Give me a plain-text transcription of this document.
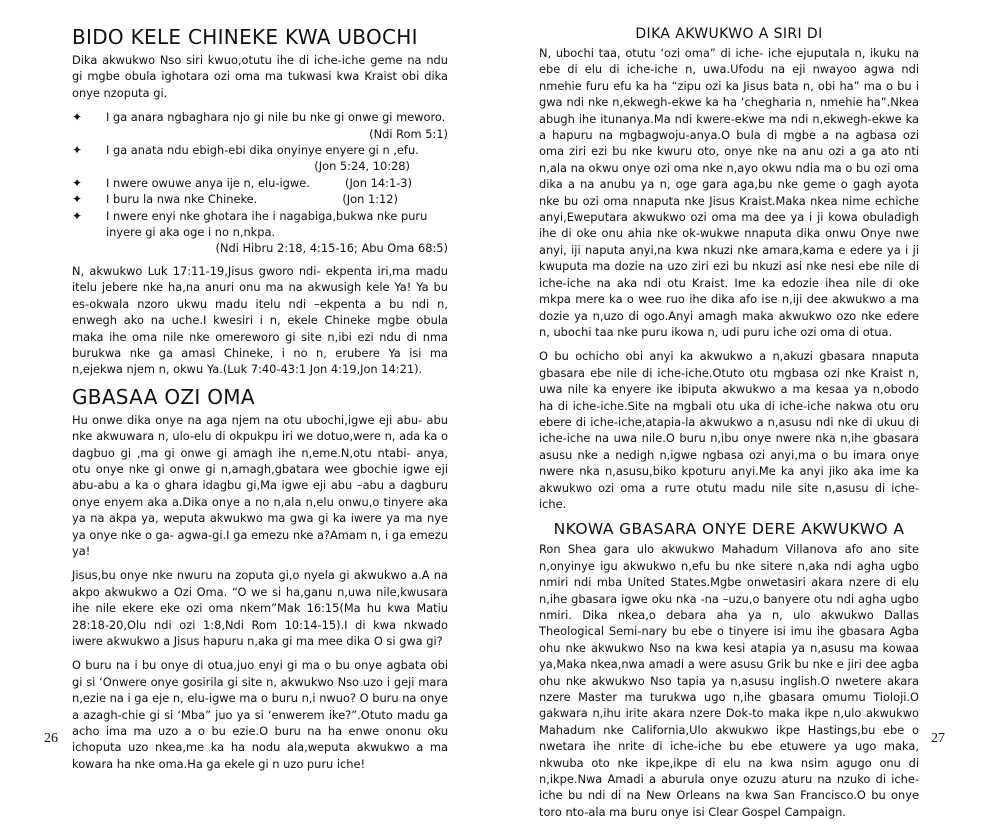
BIDO KELE CHINEKE KWA UBOCHI

Dika akwukwo Nso siri kwuo,otutu ihe di iche-iche geme na ndu gi mgbe obula ighotara ozi oma ma tukwasi kwa Kraist obi dika onye nzoputa gi.

✦ I ga anara ngbaghara njo gi nile bu nke gi onwe gi meworo.
(Ndi Rom 5:1)
✦ I ga anata ndu ebigh-ebi dika onyinye enyere gi n ,efu.
(Jon 5:24, 10:28)
✦ I nwere owuwe anya ije n, elu-igwe.	(Jon 14:1-3)
✦ I buru la nwa nke Chineke.	(Jon 1:12)
✦ I nwere enyi nke ghotara ihe i nagabiga,bukwa nke puru inyere gi aka oge i no n,nkpa.
(Ndi Hibru 2:18, 4:15-16; Abu Oma 68:5)

N, akwukwo Luk 17:11-19,Jisus gworo ndi- ekpenta iri,ma madu itelu jebere nke ha,na anuri onu ma na akwusigh kele Ya! Ya bu es-okwala nzoro ukwu madu itelu ndi –ekpenta a bu ndi n, enwegh ako na uche.I kwesiri i n, ekele Chineke mgbe obula maka ihe oma nile nke omereworo gi site n,ibi ezi ndu di nma burukwa nke ga amasi Chineke, i no n, erubere Ya isi ma n,ejekwa njem n, okwu Ya.(Luk 7:40-43:1 Jon 4:19,Jon 14:21).

GBASAA OZI OMA

Hu onwe dika onye na aga njem na otu ubochi,igwe eji abu- abu nke akwuwara n, ulo-elu di okpukpu iri we dotuo,were n, ada ka o dagbuo gi ,ma gi onwe gi amagh ihe n,eme.N,otu ntabi- anya, otu onye nke gi onwe gi n,amagh,gbatara wee gbochie igwe eji abu-abu a ka o ghara idagbu gi,Ma igwe eji abu –abu a dagburu onye enyem aka a.Dika onye a no n,ala n,elu onwu,o tinyere aka ya na akpa ya, weputa akwukwo ma gwa gi ka iwere ya ma nye ya onye nke o ga- agwa-gi.I ga emezu nke a?Amam n, i ga emezu ya!

Jisus,bu onye nke nwuru na zoputa gi,o nyela gi akwukwo a.A na akpo akwukwo a Ozi Oma. “O we si ha,ganu n,uwa nile,kwusara ihe nile ekere eke ozi oma nkem”Mak 16:15(Ma hu kwa Matiu 28:18-20,Olu ndi ozi 1:8,Ndi Rom 10:14-15).I di kwa nkwado iwere akwukwo a Jisus hapuru n,aka gi ma mee dika O si gwa gi?

O buru na i bu onye di otua,juo enyi gi ma o bu onye agbata obi gi si ‘Onwere onye gosirila gi site n, akwukwo Nso uzo i geji mara n,ezie na i ga eje n, elu-igwe ma o buru n,i nwuo? O buru na onye a azagh-chie gi si ‘Mba” juo ya si ‘enwerem ike?”.Otuto madu ga acho ima ma uzo a o bu ezie.O buru na ha enwe ononu oku ichoputa uzo nkea,me ka ha nodu ala,weputa akwukwo a ma kowara ha nke oma.Ha ga ekele gi n uzo puru iche!

26
DIKA AKWUKWO A SIRI DI

N, ubochi taa, otutu ‘ozi oma” di iche- iche ejuputala n, ikuku na ebe di elu di iche-iche n, uwa.Ufodu na eji nwayoo agwa ndi nmehie furu efu ka ha “zipu ozi ka Jisus bata n, obi ha” ma o bu i gwa ndi nke n,ekwegh-ekwe ka ha ‘chegharia n, nmehie ha”.Nkea abugh ihe itunanya.Ma ndi kwere-ekwe ma ndi n,ekwegh-ekwe ka a hapuru na mgbagwoju-anya.O bula di mgbe a na agbasa ozi oma ziri ezi bu nke kwuru oto, onye nke na anu ozi a ga ato nti n,ala na okwu onye ozi oma nke n,ayo okwu ndia ma o bu ozi oma dika a na anubu ya n, oge gara aga,bu nke geme o gagh ayota nke bu ozi oma nnaputa nke Jisus Kraist.Maka nkea nime echiche anyi,Eweputara akwukwo ozi oma ma dee ya i ji kowa obuladigh ihe di oke onu ahia nke ok-wukwe nnaputa dika onwu Onye nwe anyi, iji naputa anyi,na kwa nkuzi nke amara,kama e edere ya i ji kwuputa ma dozie na uzo ziri ezi bu nkuzi asi nke nesi ebe nile di iche-iche na aka ndi otu Kraist. Ime ka edozie ihea nile di oke mkpa mere ka o wee ruo ihe dika afo ise n,iji dee akwukwo a ma dozie ya n,uzo di ogo.Anyi amagh maka akwukwo ozo nke edere n, ubochi taa nke puru ikowa n, udi puru iche ozi oma di otua.

O bu ochicho obi anyi ka akwukwo a n,akuzi gbasara nnaputa gbasara ebe nile di iche-iche.Otuto otu mgbasa ozi nke Kraist n, uwa nile ka enyere ike ibiputa akwukwo a ma kesaa ya n,obodo ha di iche-iche.Site na mgbali otu uka di iche-iche nakwa otu oru ebere di iche-iche,atapia-la akwukwo a n,asusu ndi nke di ukuu di iche-iche na uwa nile.O buru n,ibu onye nwere nka n,ihe gbasara asusu nke a nedigh n,igwe ngbasa ozi anyi,ma o bu imara onye nwere nka n,asusu,biko kpoturu anyi.Me ka anyi jiko aka ime ka akwukwo ozi oma a ruте otutu madu nile site n,asusu di iche-iche.

NKOWA GBASARA ONYE DERE AKWUKWO A

Ron Shea gara ulo akwukwo Mahadum Villanova afo ano site n,onyinye igu akwukwo n,efu bu nke sitere n,aka ndi agha ugbo nmiri ndi mba United States.Mgbe onwetasiri akara nzere di elu n,ihe gbasara igwe oku nka -na –uzu,o banyere otu ndi agha ugbo nmiri. Dika nkea,o debara aha ya n, ulo akwukwo Dallas Theological Semi-nary bu ebe o tinyere isi imu ihe gbasara Agba ohu nke akwukwo Nso na kwa kesi atapia ya n,asusu ma kowaa ya,Maka nkea,nwa amadi a were asusu Grik bu nke e jiri dee agba ohu nke akwukwo Nso tapia ya n,asusu inglish.O nwetere akara nzere Master ma turukwa ugo n,ihe gbasara omumu Tioloji.O gakwara n,ihu irite akara nzere Dok-to maka ikpe n,ulo akwukwo Mahadum nke California,Ulo akwukwo ikpe Hastings,bu ebe o nwetara ihe nrite di iche-iche bu ebe etuwere ya ugo maka, nkwuba oto nke ikpe,ikpe di elu na kwa nsim agugo onu di n,ikpe.Nwa Amadi a aburula onye ozuzu aturu na nzuko di iche-iche bu ndi di na New Orleans na kwa San Francisco.O bu onye toro nto-ala ma buru onye isi Clear Gospel Campaign.

27
